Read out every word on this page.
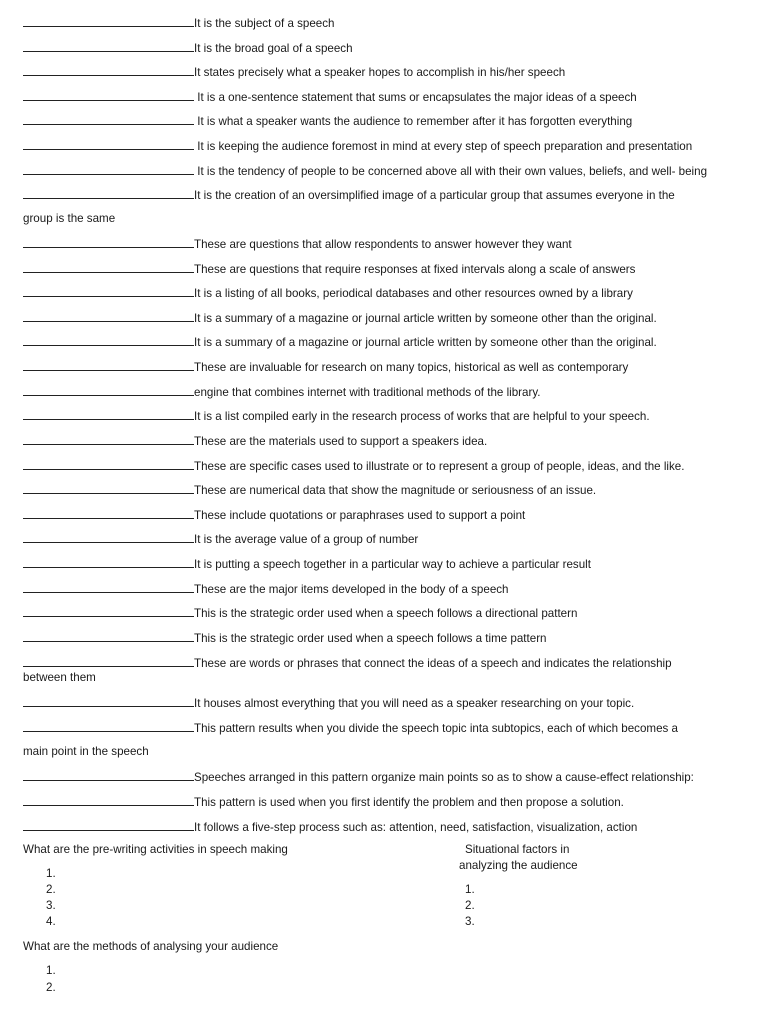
It is the subject of a speech
It is the broad goal of a speech
It states precisely what a speaker hopes to accomplish in his/her speech
It is a one-sentence statement that sums or encapsulates the major ideas of a speech
It is what a speaker wants the audience to remember after it has forgotten everything
It is keeping the audience foremost in mind at every step of speech preparation and presentation
It is the tendency of people to be concerned above all with their own values, beliefs, and well- being
It is the creation of an oversimplified image of a particular group that assumes everyone in the
group is the same
These are questions that allow respondents to answer however they want
These are questions that require responses at fixed intervals along a scale of answers
It is a listing of all books, periodical databases and other resources owned by a library
It is a summary of a magazine or journal article written by someone other than the original.
It is a summary of a magazine or journal article written by someone other than the original.
These are invaluable for research on many topics, historical as well as contemporary
engine that combines internet with traditional methods of the library.
It is a list compiled early in the research process of works that are helpful to your speech.
These are the materials used to support a speakers idea.
These are specific cases used to illustrate or to represent a group of people, ideas, and the like.
These are numerical data that show the magnitude or seriousness of an issue.
These include quotations or paraphrases used to support a point
It is the average value of a group of number
It is putting a speech together in a particular way to achieve a particular result
These are the major items developed in the body of a speech
This is the strategic order used when a speech follows a directional pattern
This is the strategic order used when a speech follows a time pattern
These are words or phrases that connect the ideas of a speech and indicates the relationship
between them
It houses almost everything that you will need as a speaker researching on your topic.
This pattern results when you divide the speech topic inta subtopics, each of which becomes a
main point in the speech
Speeches arranged in this pattern organize main points so as to show a cause-effect relationship:
This pattern is used when you first identify the problem and then propose a solution.
It follows a five-step process such as: attention, need, satisfaction, visualization, action
What are the pre-writing activities in speech making
1.
2.
3.
4.
Situational factors in
analyzing the audience
1.
2.
3.
What are the methods of analysing your audience
1.
2.
